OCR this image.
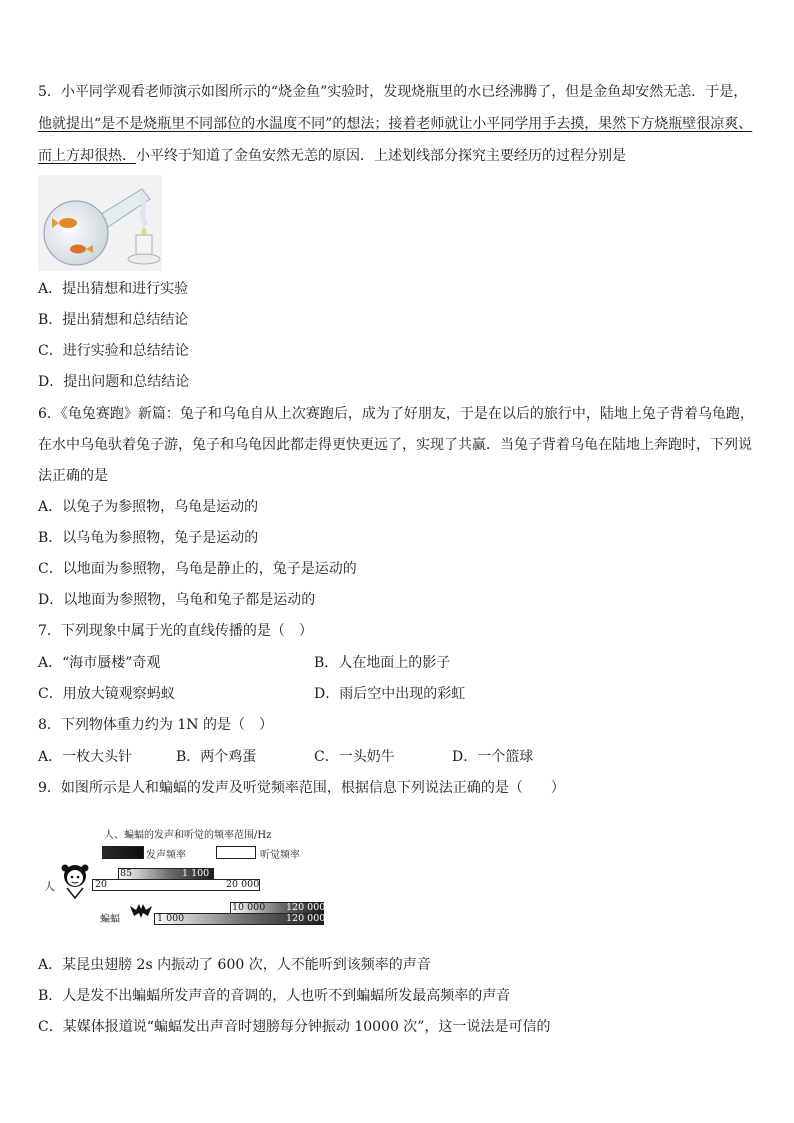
5．小平同学观看老师演示如图所示的“烧金鱼”实验时，发现烧瓶里的水已经沸腾了，但是金鱼却安然无恙．于是，
他就提出“是不是烧瓶里不同部位的水温度不同”的想法；接着老师就让小平同学用手去摸，果然下方烧瓶壁很凉爽、
而上方却很热．小平终于知道了金鱼安然无恙的原因．上述划线部分探究主要经历的过程分别是
A．提出猜想和进行实验
B．提出猜想和总结结论
C．进行实验和总结结论
D．提出问题和总结结论
6．《龟兔赛跑》新篇：兔子和乌龟自从上次赛跑后，成为了好朋友，于是在以后的旅行中，陆地上兔子背着乌龟跑，
在水中乌龟驮着兔子游，兔子和乌龟因此都走得更快更远了，实现了共赢．当兔子背着乌龟在陆地上奔跑时，下列说
法正确的是
A．以兔子为参照物，乌龟是运动的
B．以乌龟为参照物，兔子是运动的
C．以地面为参照物，乌龟是静止的，兔子是运动的
D．以地面为参照物，乌龟和兔子都是运动的
7．下列现象中属于光的直线传播的是（　）
A．“海市蜃楼”奇观	B．人在地面上的影子
C．用放大镜观察蚂蚁	D．雨后空中出现的彩虹
8．下列物体重力约为 1N 的是（　）
A．一枚大头针	B．两个鸡蛋	C．一头奶牛	D．一个篮球
9．如图所示是人和蝙蝠的发声及听觉频率范围，根据信息下列说法正确的是（　　）
人、蝙蝠的发声和听觉的频率范围/Hz
发声频率	听觉频率
人
85	1 100
20	20 000
蝙蝠
10 000 120 000
1 000	120 000
A．某昆虫翅膀 2s 内振动了 600 次，人不能听到该频率的声音
B．人是发不出蝙蝠所发声音的音调的，人也听不到蝙蝠所发最高频率的声音
C．某媒体报道说“蝙蝠发出声音时翅膀每分钟振动 10000 次”，这一说法是可信的
